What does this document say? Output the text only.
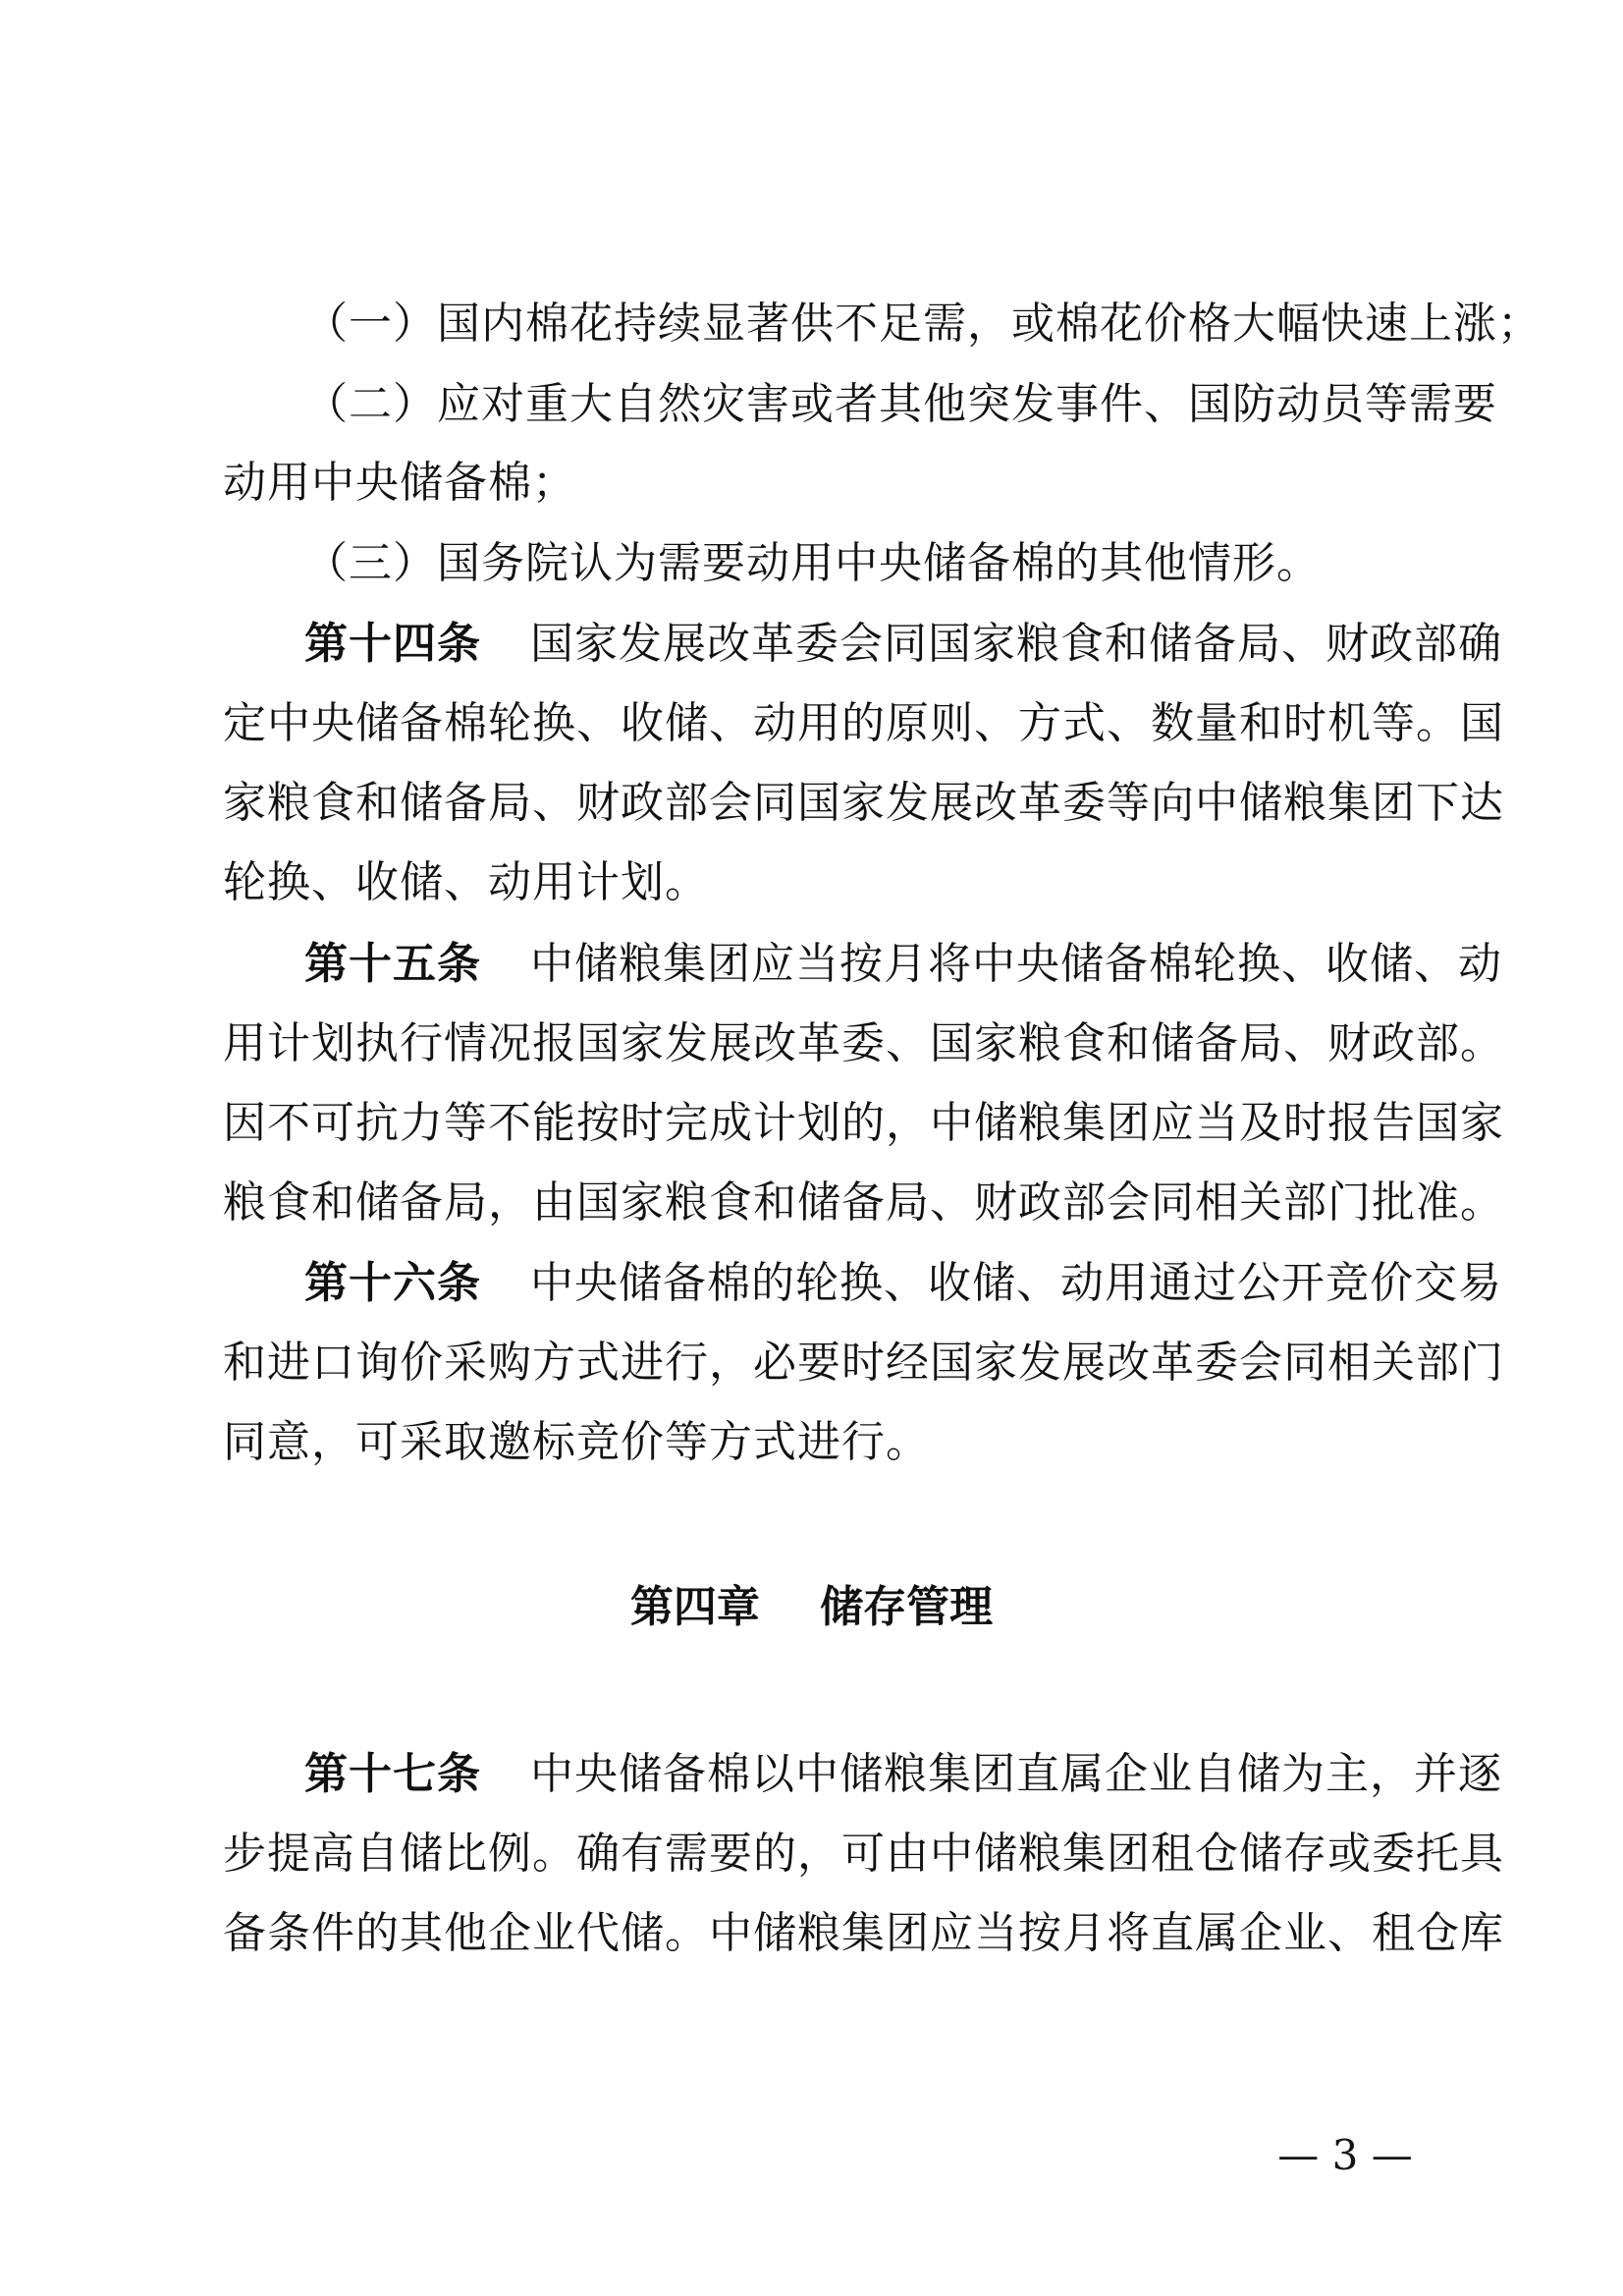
（一）国内棉花持续显著供不足需，或棉花价格大幅快速上涨；

（二）应对重大自然灾害或者其他突发事件、国防动员等需要

动用中央储备棉；

（三）国务院认为需要动用中央储备棉的其他情形。

第十四条 国家发展改革委会同国家粮食和储备局、财政部确

定中央储备棉轮换、收储、动用的原则、方式、数量和时机等。国

家粮食和储备局、财政部会同国家发展改革委等向中储粮集团下达

轮换、收储、动用计划。

第十五条 中储粮集团应当按月将中央储备棉轮换、收储、动

用计划执行情况报国家发展改革委、国家粮食和储备局、财政部。

因不可抗力等不能按时完成计划的，中储粮集团应当及时报告国家

粮食和储备局，由国家粮食和储备局、财政部会同相关部门批准。

第十六条 中央储备棉的轮换、收储、动用通过公开竞价交易

和进口询价采购方式进行，必要时经国家发展改革委会同相关部门

同意，可采取邀标竞价等方式进行。

第四章 储存管理

第十七条 中央储备棉以中储粮集团直属企业自储为主，并逐

步提高自储比例。确有需要的，可由中储粮集团租仓储存或委托具

备条件的其他企业代储。中储粮集团应当按月将直属企业、租仓库

— 3 —
